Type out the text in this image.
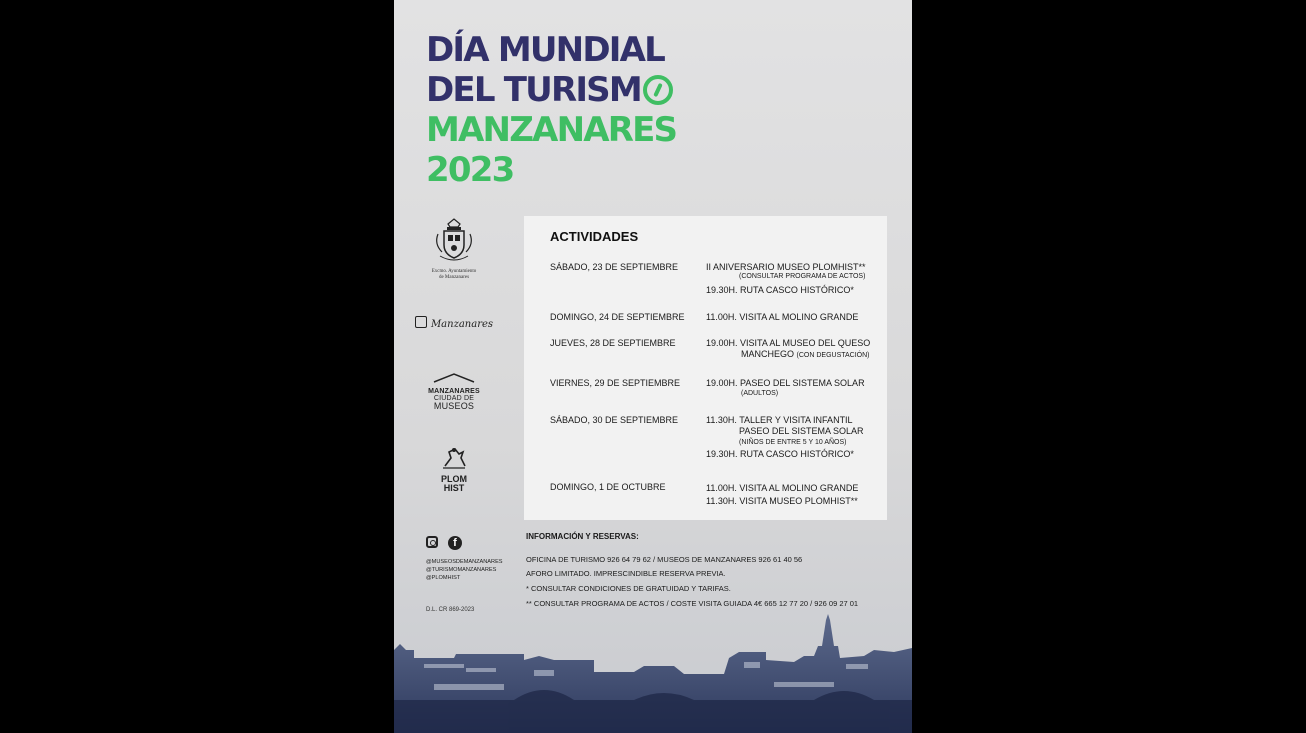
DÍA MUNDIAL
DEL TURISM
MANZANARES
2023
Excmo. Ayuntamiento
de Manzanares
Manzanares
MANZANARES
CIUDAD DE
MUSEOS
PLOM
HIST
ACTIVIDADES
SÁBADO, 23 DE SEPTIEMBRE	II ANIVERSARIO MUSEO PLOMHIST**
(CONSULTAR PROGRAMA DE ACTOS)
19.30H. RUTA CASCO HISTÓRICO*
DOMINGO, 24 DE SEPTIEMBRE 11.00H. VISITA AL MOLINO GRANDE
JUEVES, 28 DE SEPTIEMBRE	19.00H. VISITA AL MUSEO DEL QUESO
MANCHEGO (CON DEGUSTACIÓN)
VIERNES, 29 DE SEPTIEMBRE	19.00H. PASEO DEL SISTEMA SOLAR
(ADULTOS)
SÁBADO, 30 DE SEPTIEMBRE	11.30H. TALLER Y VISITA INFANTIL
PASEO DEL SISTEMA SOLAR
(NIÑOS DE ENTRE 5 Y 10 AÑOS)
19.30H. RUTA CASCO HISTÓRICO*
DOMINGO, 1 DE OCTUBRE	11.00H. VISITA AL MOLINO GRANDE
11.30H. VISITA MUSEO PLOMHIST**
INFORMACIÓN Y RESERVAS:
OFICINA DE TURISMO 926 64 79 62 / MUSEOS DE MANZANARES 926 61 40 56
AFORO LIMITADO. IMPRESCINDIBLE RESERVA PREVIA.
* CONSULTAR CONDICIONES DE GRATUIDAD Y TARIFAS.
** CONSULTAR PROGRAMA DE ACTOS / COSTE VISITA GUIADA 4€ 665 12 77 20 / 926 09 27 01
f
@MUSEOSDEMANZANARES
@TURISMOMANZANARES
@PLOMHIST
D.L. CR 869-2023
